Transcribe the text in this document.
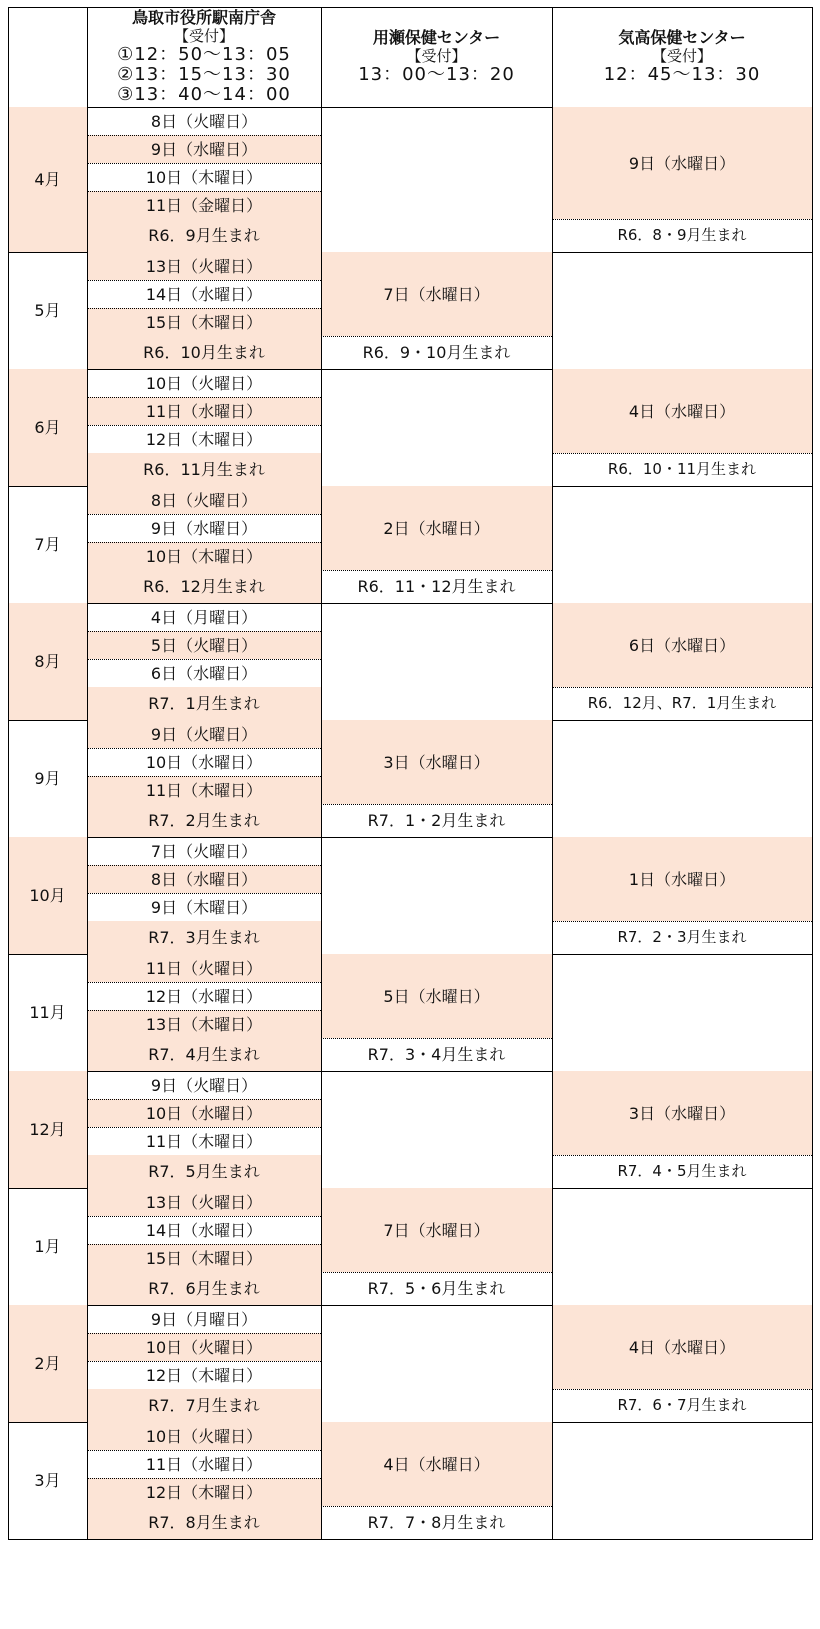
鳥取市役所駅南庁舎
【受付】
①12：50～13：05
②13：15～13：30
③13：40～14：00
用瀬保健センター
【受付】
13：00～13：20
気高保健センター
【受付】
12：45～13：30
4月
8日（火曜日）
9日（水曜日）
10日（木曜日）
11日（金曜日）
R6．9月生まれ
9日（水曜日）
R6．8・9月生まれ
5月
13日（火曜日）
14日（水曜日）
15日（木曜日）
R6．10月生まれ
7日（水曜日）
R6．9・10月生まれ
6月
10日（火曜日）
11日（水曜日）
12日（木曜日）
R6．11月生まれ
4日（水曜日）
R6．10・11月生まれ
7月
8日（火曜日）
9日（水曜日）
10日（木曜日）
R6．12月生まれ
2日（水曜日）
R6．11・12月生まれ
8月
4日（月曜日）
5日（火曜日）
6日（水曜日）
R7．1月生まれ
6日（水曜日）
R6．12月、R7．1月生まれ
9月
9日（火曜日）
10日（水曜日）
11日（木曜日）
R7．2月生まれ
3日（水曜日）
R7．1・2月生まれ
10月
7日（火曜日）
8日（水曜日）
9日（木曜日）
R7．3月生まれ
1日（水曜日）
R7．2・3月生まれ
11月
11日（火曜日）
12日（水曜日）
13日（木曜日）
R7．4月生まれ
5日（水曜日）
R7．3・4月生まれ
12月
9日（火曜日）
10日（水曜日）
11日（木曜日）
R7．5月生まれ
3日（水曜日）
R7．4・5月生まれ
1月
13日（火曜日）
14日（水曜日）
15日（木曜日）
R7．6月生まれ
7日（水曜日）
R7．5・6月生まれ
2月
9日（月曜日）
10日（火曜日）
12日（木曜日）
R7．7月生まれ
4日（水曜日）
R7．6・7月生まれ
3月
10日（火曜日）
11日（水曜日）
12日（木曜日）
R7．8月生まれ
4日（水曜日）
R7．7・8月生まれ
